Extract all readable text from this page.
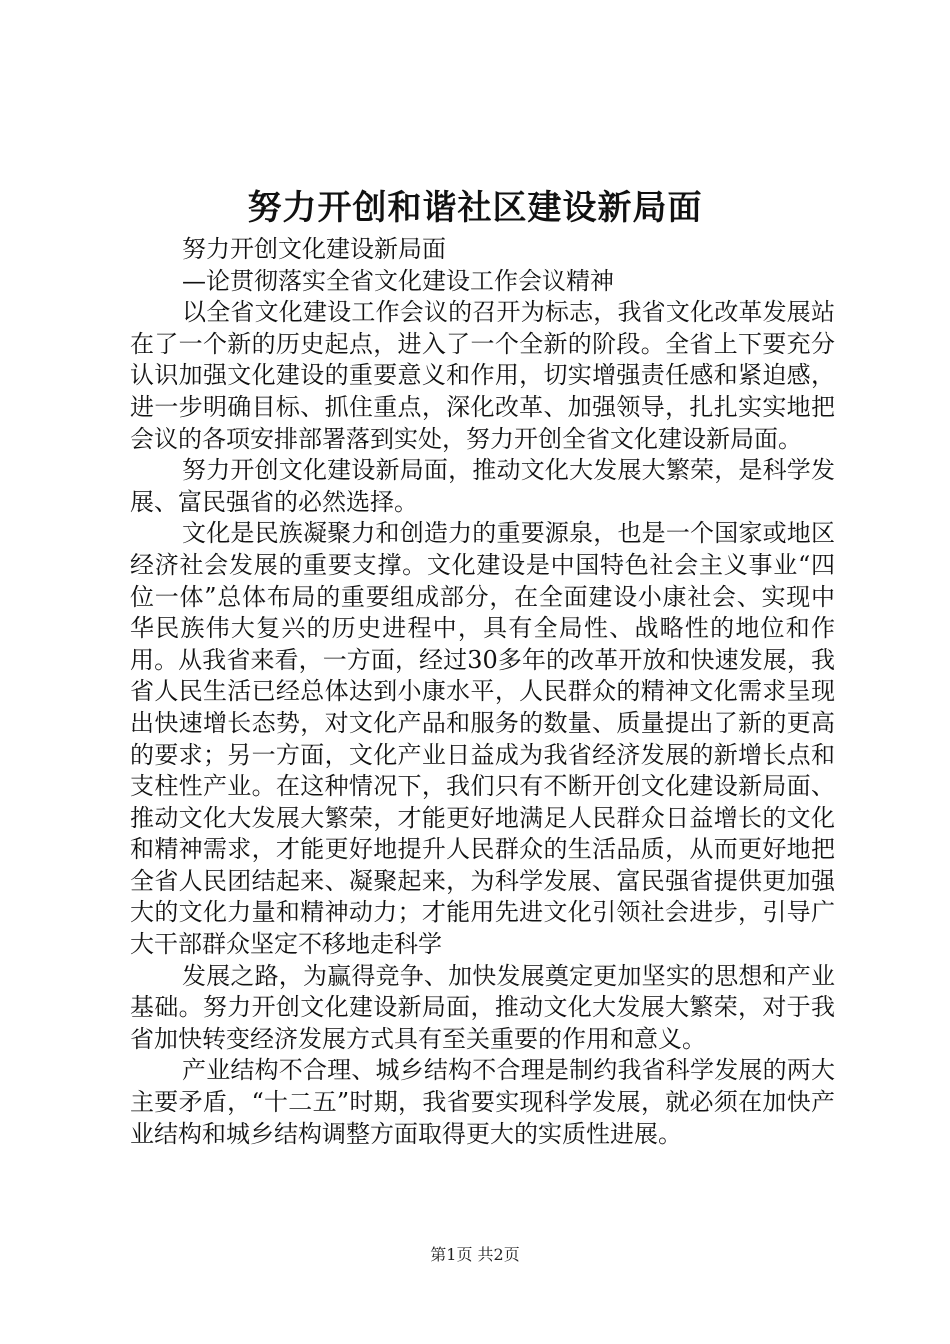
努力开创和谐社区建设新局面

努力开创文化建设新局面

—论贯彻落实全省文化建设工作会议精神

以全省文化建设工作会议的召开为标志，我省文化改革发展站在了一个新的历史起点，进入了一个全新的阶段。全省上下要充分认识加强文化建设的重要意义和作用，切实增强责任感和紧迫感，进一步明确目标、抓住重点，深化改革、加强领导，扎扎实实地把会议的各项安排部署落到实处，努力开创全省文化建设新局面。

努力开创文化建设新局面，推动文化大发展大繁荣，是科学发展、富民强省的必然选择。

文化是民族凝聚力和创造力的重要源泉，也是一个国家或地区经济社会发展的重要支撑。文化建设是中国特色社会主义事业“四位一体”总体布局的重要组成部分，在全面建设小康社会、实现中华民族伟大复兴的历史进程中，具有全局性、战略性的地位和作用。从我省来看，一方面，经过30多年的改革开放和快速发展，我省人民生活已经总体达到小康水平，人民群众的精神文化需求呈现出快速增长态势，对文化产品和服务的数量、质量提出了新的更高的要求；另一方面，文化产业日益成为我省经济发展的新增长点和支柱性产业。在这种情况下，我们只有不断开创文化建设新局面、推动文化大发展大繁荣，才能更好地满足人民群众日益增长的文化和精神需求，才能更好地提升人民群众的生活品质，从而更好地把全省人民团结起来、凝聚起来，为科学发展、富民强省提供更加强大的文化力量和精神动力；才能用先进文化引领社会进步，引导广大干部群众坚定不移地走科学

发展之路，为赢得竞争、加快发展奠定更加坚实的思想和产业基础。努力开创文化建设新局面，推动文化大发展大繁荣，对于我省加快转变经济发展方式具有至关重要的作用和意义。

产业结构不合理、城乡结构不合理是制约我省科学发展的两大主要矛盾，“十二五”时期，我省要实现科学发展，就必须在加快产业结构和城乡结构调整方面取得更大的实质性进展。

第1页 共2页
